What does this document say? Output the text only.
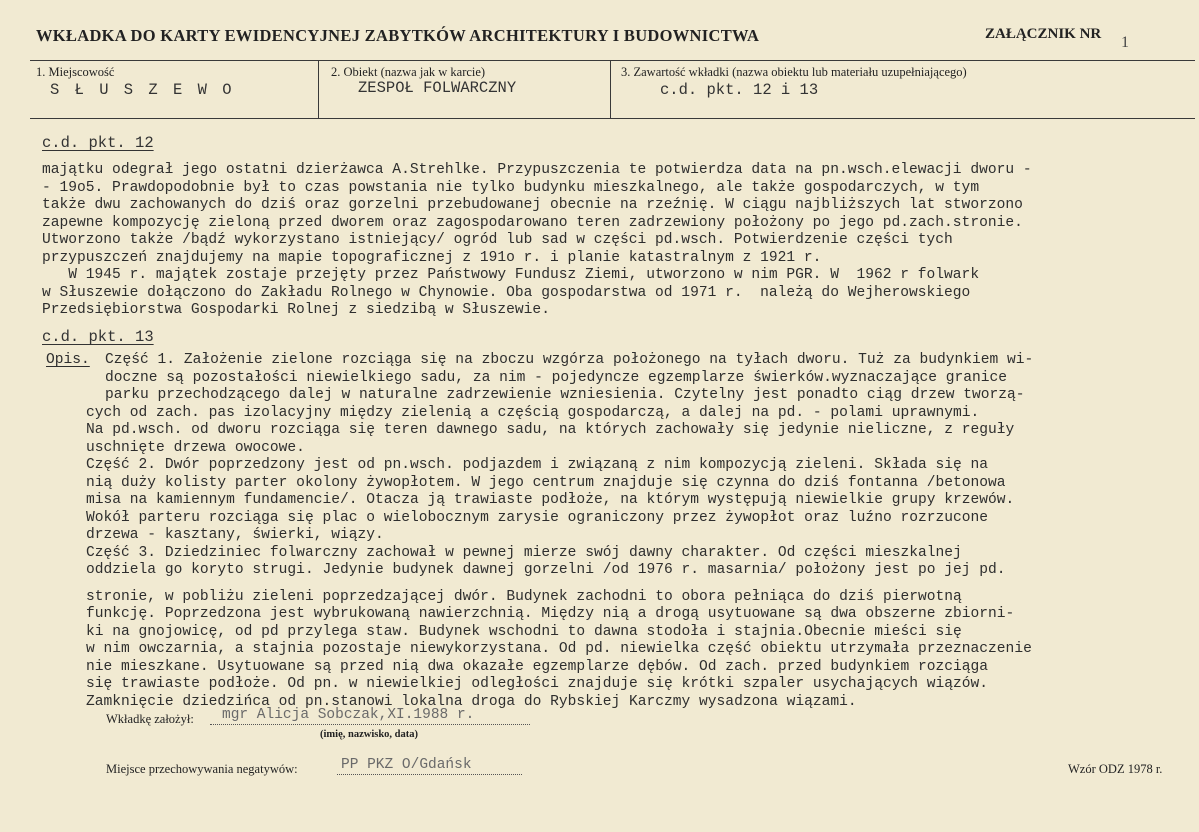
WKŁADKA DO KARTY EWIDENCYJNEJ ZABYTKÓW ARCHITEKTURY I BUDOWNICTWA	ZAŁĄCZNIK NR 1
1. Miejscowość
S Ł U S Z E W O
2. Obiekt (nazwa jak w karcie)
ZESPOŁ FOLWARCZNY
3. Zawartość wkładki (nazwa obiektu lub materiału uzupełniającego)
c.d. pkt. 12 i 13
c.d. pkt. 12
majątku odegrał jego ostatni dzierżawca A.Strehlke. Przypuszczenia te potwierdza data na pn.wsch.elewacji dworu -
- 19o5. Prawdopodobnie był to czas powstania nie tylko budynku mieszkalnego, ale także gospodarczych, w tym
także dwu zachowanych do dziś oraz gorzelni przebudowanej obecnie na rzeźnię. W ciągu najbliższych lat stworzono
zapewne kompozycję zieloną przed dworem oraz zagospodarowano teren zadrzewiony położony po jego pd.zach.stronie.
Utworzono także /bądź wykorzystano istniejący/ ogród lub sad w części pd.wsch. Potwierdzenie części tych
przypuszczeń znajdujemy na mapie topograficznej z 191o r. i planie katastralnym z 1921 r.
W 1945 r. majątek zostaje przejęty przez Państwowy Fundusz Ziemi, utworzono w nim PGR. W  1962 r folwark
w Słuszewie dołączono do Zakładu Rolnego w Chynowie. Oba gospodarstwa od 1971 r.  należą do Wejherowskiego
Przedsiębiorstwa Gospodarki Rolnej z siedzibą w Słuszewie.
c.d. pkt. 13
Opis. Część 1. Założenie zielone rozciąga się na zboczu wzgórza położonego na tyłach dworu. Tuż za budynkiem wi-
doczne są pozostałości niewielkiego sadu, za nim - pojedyncze egzemplarze świerków.wyznaczające granice
parku przechodzącego dalej w naturalne zadrzewienie wzniesienia. Czytelny jest ponadto ciąg drzew tworzą-
cych od zach. pas izolacyjny między zielenią a częścią gospodarczą, a dalej na pd. - polami uprawnymi.
Na pd.wsch. od dworu rozciąga się teren dawnego sadu, na których zachowały się jedynie nieliczne, z reguły
uschnięte drzewa owocowe.
Część 2. Dwór poprzedzony jest od pn.wsch. podjazdem i związaną z nim kompozycją zieleni. Składa się na
nią duży kolisty parter okolony żywopłotem. W jego centrum znajduje się czynna do dziś fontanna /betonowa
misa na kamiennym fundamencie/. Otacza ją trawiaste podłoże, na którym występują niewielkie grupy krzewów.
Wokół parteru rozciąga się plac o wielobocznym zarysie ograniczony przez żywopłot oraz luźno rozrzucone
drzewa - kasztany, świerki, wiązy.
Część 3. Dziedziniec folwarczny zachował w pewnej mierze swój dawny charakter. Od części mieszkalnej
oddziela go koryto strugi. Jedynie budynek dawnej gorzelni /od 1976 r. masarnia/ położony jest po jej pd.
stronie, w pobliżu zieleni poprzedzającej dwór. Budynek zachodni to obora pełniąca do dziś pierwotną
funkcję. Poprzedzona jest wybrukowaną nawierzchnią. Między nią a drogą usytuowane są dwa obszerne zbiorni-
ki na gnojowicę, od pd przylega staw. Budynek wschodni to dawna stodoła i stajnia.Obecnie mieści się
w nim owczarnia, a stajnia pozostaje niewykorzystana. Od pd. niewielka część obiektu utrzymała przeznaczenie
nie mieszkane. Usytuowane są przed nią dwa okazałe egzemplarze dębów. Od zach. przed budynkiem rozciąga
się trawiaste podłoże. Od pn. w niewielkiej odległości znajduje się krótki szpaler usychających wiązów.
Zamknięcie dziedzińca od pn.stanowi lokalna droga do Rybskiej Karczmy wysadzona wiązami.
Wkładkę założył: mgr Alicja Sobczak,XI.1988 r.
(imię, nazwisko, data)
Miejsce przechowywania negatywów:	PP PKZ O/Gdańsk	Wzór ODZ 1978 r.
